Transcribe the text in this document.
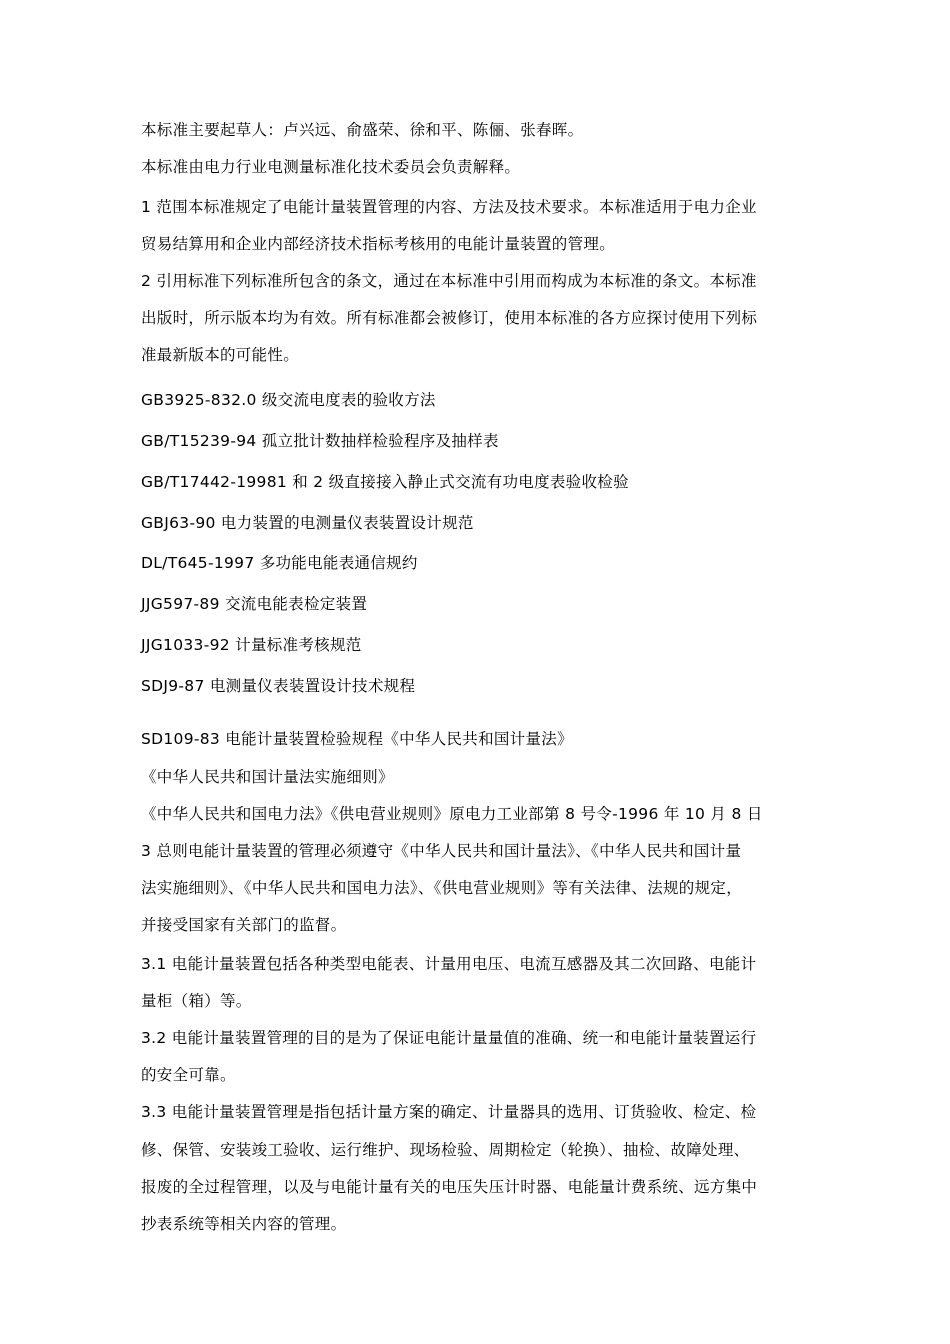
本标准主要起草人：卢兴远、俞盛荣、徐和平、陈俪、张春晖。
本标准由电力行业电测量标准化技术委员会负责解释。
1 范围本标准规定了电能计量装置管理的内容、方法及技术要求。本标准适用于电力企业
贸易结算用和企业内部经济技术指标考核用的电能计量装置的管理。
2 引用标准下列标准所包含的条文，通过在本标准中引用而构成为本标准的条文。本标准
出版时，所示版本均为有效。所有标准都会被修订，使用本标准的各方应探讨使用下列标
准最新版本的可能性。
GB3925-832.0 级交流电度表的验收方法
GB/T15239-94 孤立批计数抽样检验程序及抽样表
GB/T17442-19981 和 2 级直接接入静止式交流有功电度表验收检验
GBJ63-90 电力装置的电测量仪表装置设计规范
DL/T645-1997 多功能电能表通信规约
JJG597-89 交流电能表检定装置
JJG1033-92 计量标准考核规范
SDJ9-87 电测量仪表装置设计技术规程
SD109-83 电能计量装置检验规程《中华人民共和国计量法》
《中华人民共和国计量法实施细则》
《中华人民共和国电力法》《供电营业规则》原电力工业部第 8 号令-1996 年 10 月 8 日
3 总则电能计量装置的管理必须遵守《中华人民共和国计量法》、《中华人民共和国计量
法实施细则》、《中华人民共和国电力法》、《供电营业规则》等有关法律、法规的规定，
并接受国家有关部门的监督。
3.1 电能计量装置包括各种类型电能表、计量用电压、电流互感器及其二次回路、电能计
量柜（箱）等。
3.2 电能计量装置管理的目的是为了保证电能计量量值的准确、统一和电能计量装置运行
的安全可靠。
3.3 电能计量装置管理是指包括计量方案的确定、计量器具的选用、订货验收、检定、检
修、保管、安装竣工验收、运行维护、现场检验、周期检定（轮换）、抽检、故障处理、
报废的全过程管理，以及与电能计量有关的电压失压计时器、电能量计费系统、远方集中
抄表系统等相关内容的管理。
